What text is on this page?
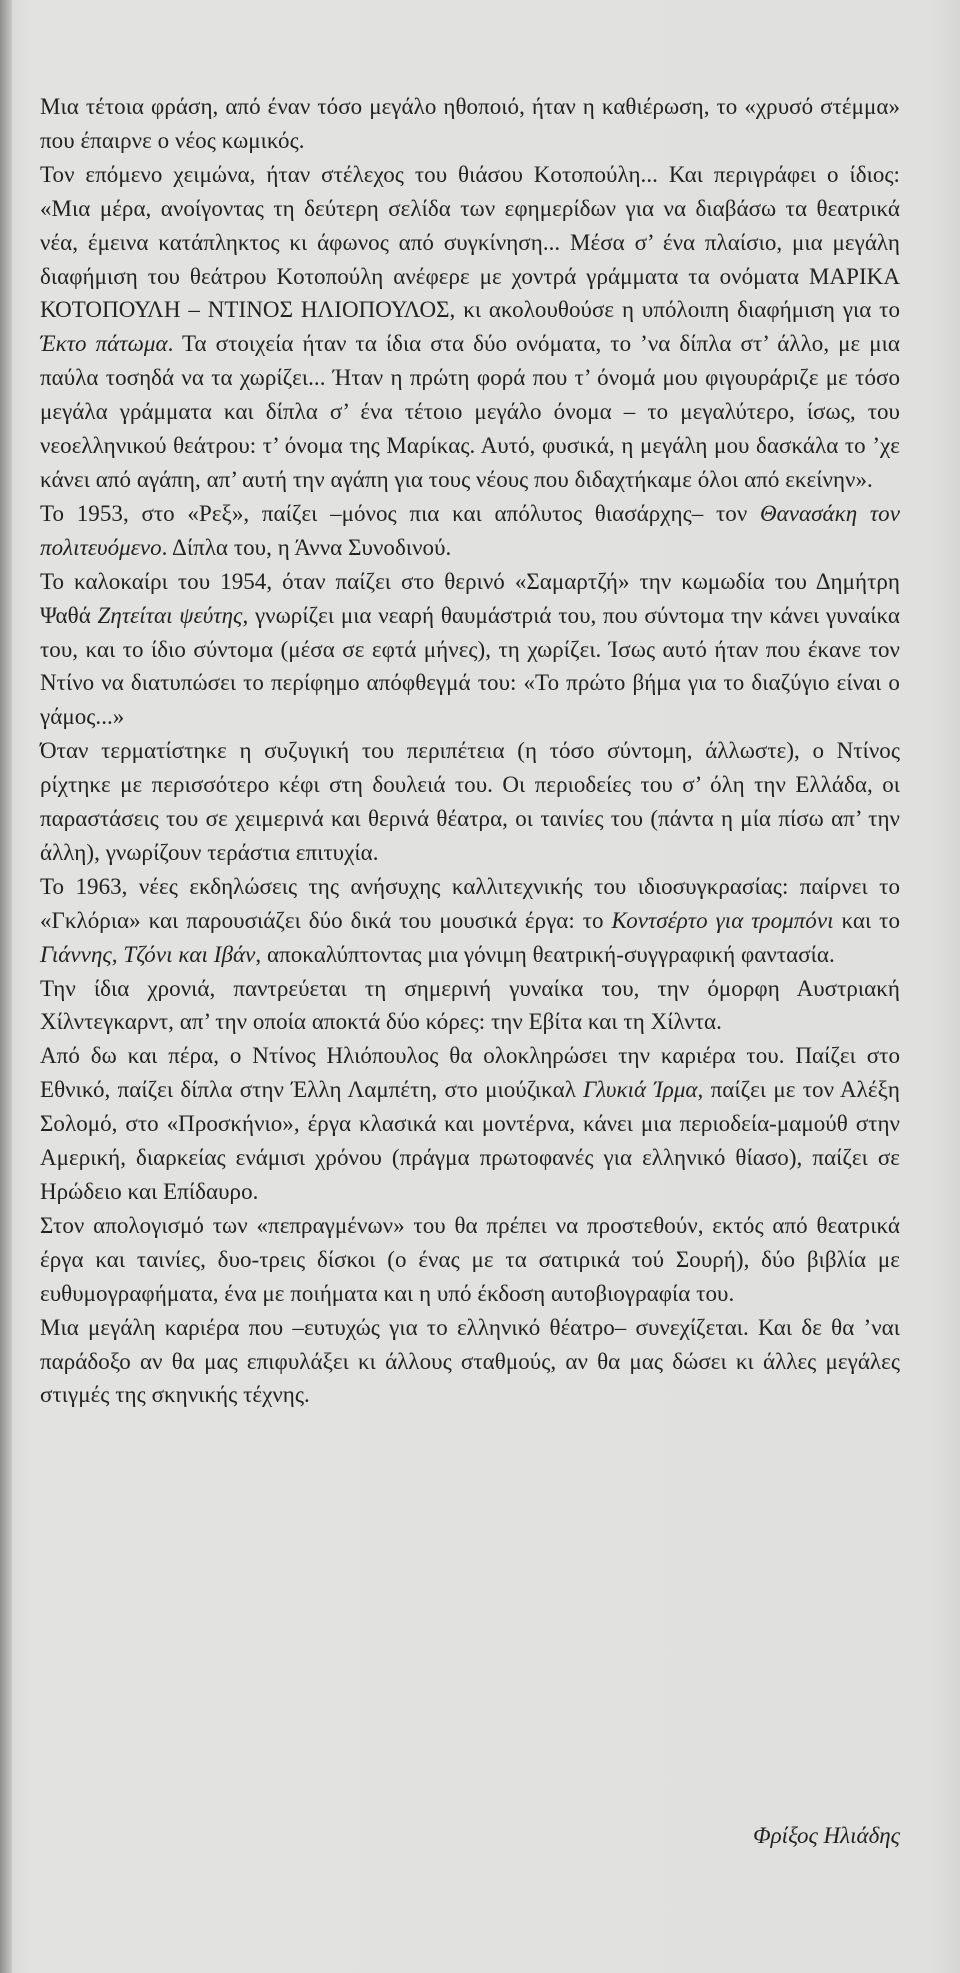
Μια τέτοια φράση, από έναν τόσο μεγάλο ηθοποιό, ήταν η καθιέρωση, το «χρυσό στέμμα» που έπαιρνε ο νέος κωμικός.

Τον επόμενο χειμώνα, ήταν στέλεχος του θιάσου Κοτοπούλη... Και περιγράφει ο ίδιος: «Μια μέρα, ανοίγοντας τη δεύτερη σελίδα των εφημερίδων για να διαβάσω τα θεατρικά νέα, έμεινα κατάπληκτος κι άφωνος από συγκίνηση... Μέσα σ’ ένα πλαίσιο, μια μεγάλη διαφήμιση του θεάτρου Κοτοπούλη ανέφερε με χοντρά γράμματα τα ονόματα ΜΑΡΙΚΑ ΚΟΤΟΠΟΥΛΗ – ΝΤΙΝΟΣ ΗΛΙΟΠΟΥΛΟΣ, κι ακολουθούσε η υπόλοιπη διαφήμιση για το Έκτο πάτωμα. Τα στοιχεία ήταν τα ίδια στα δύο ονόματα, το ’να δίπλα στ’ άλλο, με μια παύλα τοσηδά να τα χωρίζει... Ήταν η πρώτη φορά που τ’ όνομά μου φιγουράριζε με τόσο μεγάλα γράμματα και δίπλα σ’ ένα τέτοιο μεγάλο όνομα – το μεγαλύτερο, ίσως, του νεοελληνικού θεάτρου: τ’ όνομα της Μαρίκας. Αυτό, φυσικά, η μεγάλη μου δασκάλα το ’χε κάνει από αγάπη, απ’ αυτή την αγάπη για τους νέους που διδαχτήκαμε όλοι από εκείνην».

Το 1953, στο «Ρεξ», παίζει –μόνος πια και απόλυτος θιασάρχης– τον Θανασάκη τον πολιτευόμενο. Δίπλα του, η Άννα Συνοδινού.

Το καλοκαίρι του 1954, όταν παίζει στο θερινό «Σαμαρτζή» την κωμωδία του Δημήτρη Ψαθά Ζητείται ψεύτης, γνωρίζει μια νεαρή θαυμάστριά του, που σύντομα την κάνει γυναίκα του, και το ίδιο σύντομα (μέσα σε εφτά μήνες), τη χωρίζει. Ίσως αυτό ήταν που έκανε τον Ντίνο να διατυπώσει το περίφημο απόφθεγμά του: «Το πρώτο βήμα για το διαζύγιο είναι ο γάμος...»

Όταν τερματίστηκε η συζυγική του περιπέτεια (η τόσο σύντομη, άλλωστε), ο Ντίνος ρίχτηκε με περισσότερο κέφι στη δουλειά του. Οι περιοδείες του σ’ όλη την Ελλάδα, οι παραστάσεις του σε χειμερινά και θερινά θέατρα, οι ταινίες του (πάντα η μία πίσω απ’ την άλλη), γνωρίζουν τεράστια επιτυχία.

Το 1963, νέες εκδηλώσεις της ανήσυχης καλλιτεχνικής του ιδιοσυγκρασίας: παίρνει το «Γκλόρια» και παρουσιάζει δύο δικά του μουσικά έργα: το Κοντσέρτο για τρομπόνι και το Γιάννης, Τζόνι και Ιβάν, αποκαλύπτοντας μια γόνιμη θεατρική-συγγραφική φαντασία.

Την ίδια χρονιά, παντρεύεται τη σημερινή γυναίκα του, την όμορφη Αυστριακή Χίλντεγκαρντ, απ’ την οποία αποκτά δύο κόρες: την Εβίτα και τη Χίλντα.

Από δω και πέρα, ο Ντίνος Ηλιόπουλος θα ολοκληρώσει την καριέρα του. Παίζει στο Εθνικό, παίζει δίπλα στην Έλλη Λαμπέτη, στο μιούζικαλ Γλυκιά Ίρμα, παίζει με τον Αλέξη Σολομό, στο «Προσκήνιο», έργα κλασικά και μοντέρνα, κάνει μια περιοδεία-μαμούθ στην Αμερική, διαρκείας ενάμισι χρόνου (πράγμα πρωτοφανές για ελληνικό θίασο), παίζει σε Ηρώδειο και Επίδαυρο.

Στον απολογισμό των «πεπραγμένων» του θα πρέπει να προστεθούν, εκτός από θεατρικά έργα και ταινίες, δυο-τρεις δίσκοι (ο ένας με τα σατιρικά τού Σουρή), δύο βιβλία με ευθυμογραφήματα, ένα με ποιήματα και η υπό έκδοση αυτοβιογραφία του.

Μια μεγάλη καριέρα που –ευτυχώς για το ελληνικό θέατρο– συνεχίζεται. Και δε θα ’ναι παράδοξο αν θα μας επιφυλάξει κι άλλους σταθμούς, αν θα μας δώσει κι άλλες μεγάλες στιγμές της σκηνικής τέχνης.

Φρίξος Ηλιάδης
